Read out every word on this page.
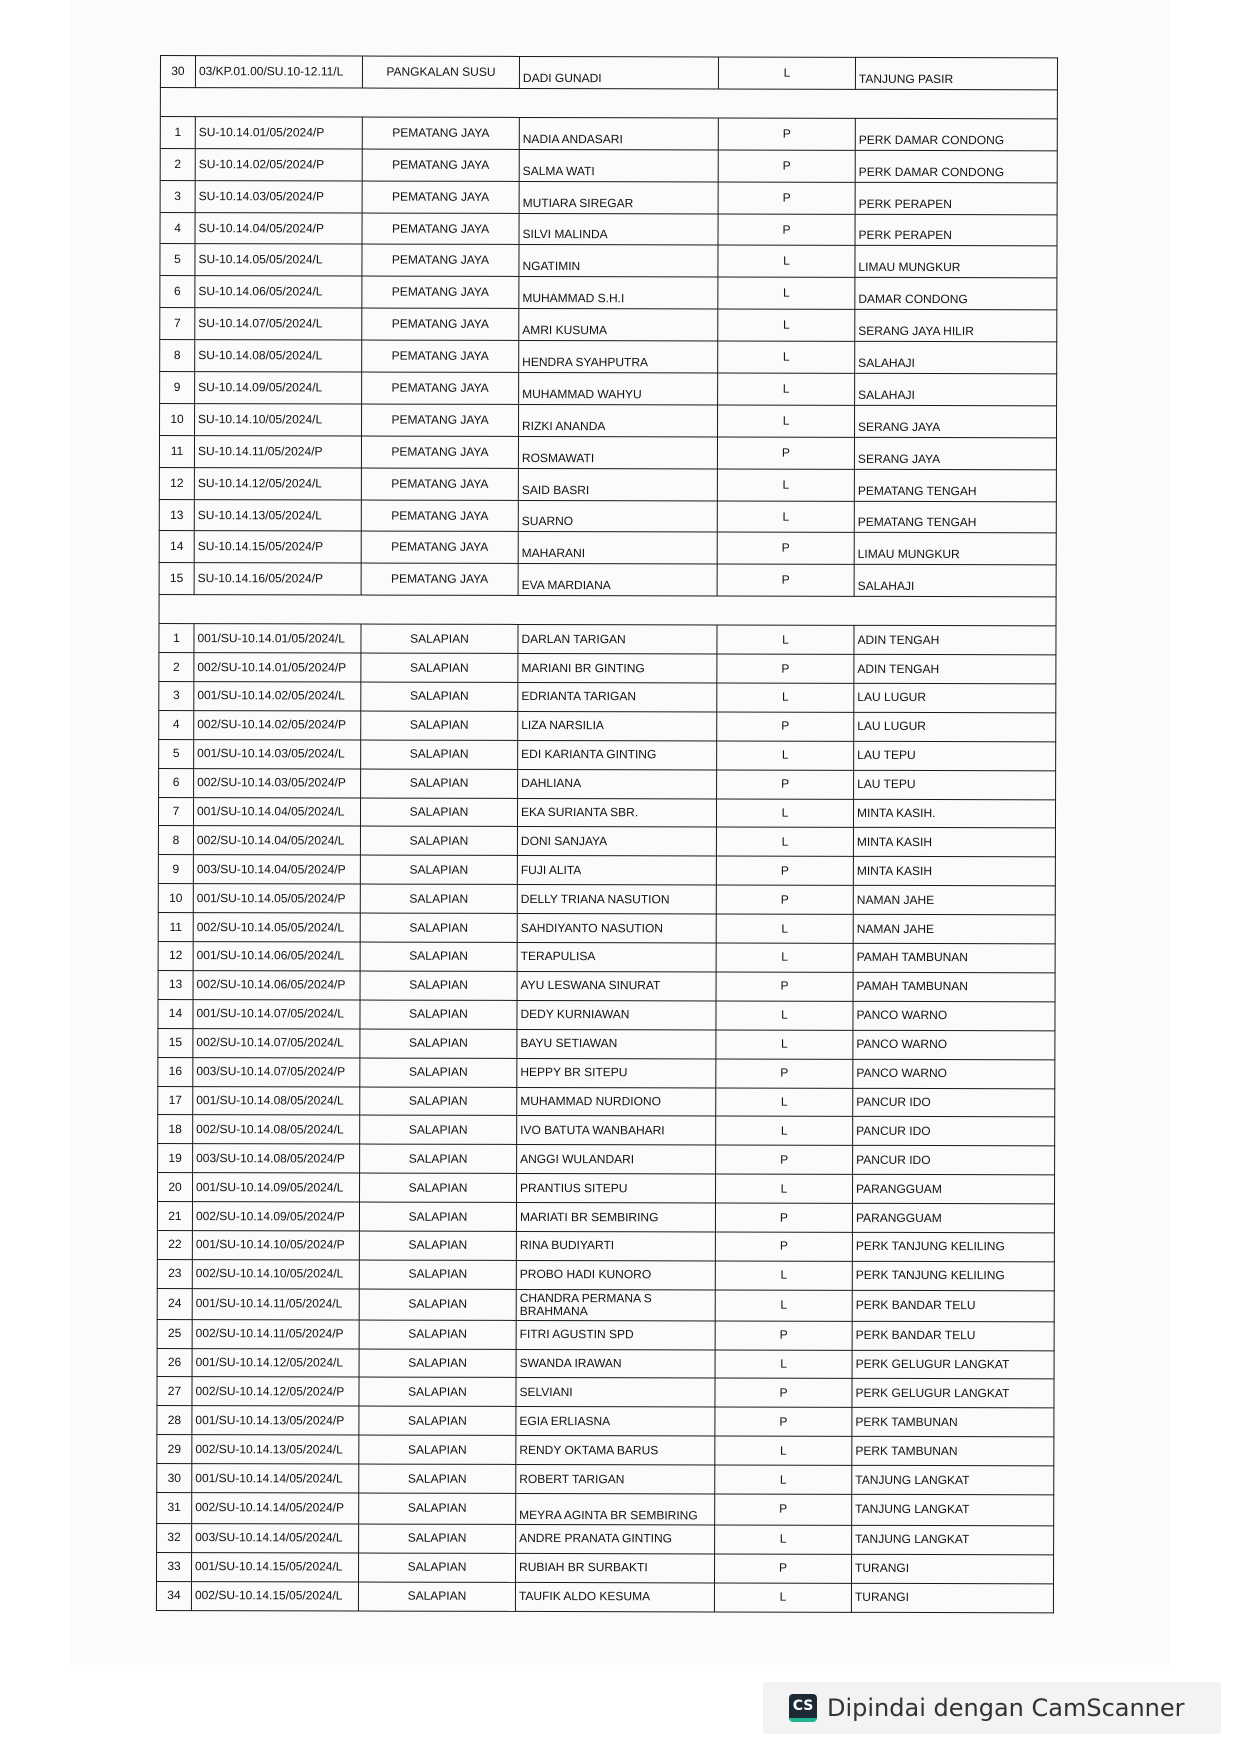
30	03/KP.01.00/SU.10-12.11/L	PANGKALAN SUSU	DADI GUNADI	L	TANJUNG PASIR

1	SU-10.14.01/05/2024/P	PEMATANG JAYA	NADIA ANDASARI	P	PERK DAMAR CONDONG
2	SU-10.14.02/05/2024/P	PEMATANG JAYA	SALMA WATI	P	PERK DAMAR CONDONG
3	SU-10.14.03/05/2024/P	PEMATANG JAYA	MUTIARA SIREGAR	P	PERK PERAPEN
4	SU-10.14.04/05/2024/P	PEMATANG JAYA	SILVI MALINDA	P	PERK PERAPEN
5	SU-10.14.05/05/2024/L	PEMATANG JAYA	NGATIMIN	L	LIMAU MUNGKUR
6	SU-10.14.06/05/2024/L	PEMATANG JAYA	MUHAMMAD S.H.I	L	DAMAR CONDONG
7	SU-10.14.07/05/2024/L	PEMATANG JAYA	AMRI KUSUMA	L	SERANG JAYA HILIR
8	SU-10.14.08/05/2024/L	PEMATANG JAYA	HENDRA SYAHPUTRA	L	SALAHAJI
9	SU-10.14.09/05/2024/L	PEMATANG JAYA	MUHAMMAD WAHYU	L	SALAHAJI
10	SU-10.14.10/05/2024/L	PEMATANG JAYA	RIZKI ANANDA	L	SERANG JAYA
11	SU-10.14.11/05/2024/P	PEMATANG JAYA	ROSMAWATI	P	SERANG JAYA
12	SU-10.14.12/05/2024/L	PEMATANG JAYA	SAID BASRI	L	PEMATANG TENGAH
13	SU-10.14.13/05/2024/L	PEMATANG JAYA	SUARNO	L	PEMATANG TENGAH
14	SU-10.14.15/05/2024/P	PEMATANG JAYA	MAHARANI	P	LIMAU MUNGKUR
15	SU-10.14.16/05/2024/P	PEMATANG JAYA	EVA MARDIANA	P	SALAHAJI

1	001/SU-10.14.01/05/2024/L	SALAPIAN	DARLAN TARIGAN	L	ADIN TENGAH
2	002/SU-10.14.01/05/2024/P	SALAPIAN	MARIANI BR GINTING	P	ADIN TENGAH
3	001/SU-10.14.02/05/2024/L	SALAPIAN	EDRIANTA TARIGAN	L	LAU LUGUR
4	002/SU-10.14.02/05/2024/P	SALAPIAN	LIZA NARSILIA	P	LAU LUGUR
5	001/SU-10.14.03/05/2024/L	SALAPIAN	EDI KARIANTA GINTING	L	LAU TEPU
6	002/SU-10.14.03/05/2024/P	SALAPIAN	DAHLIANA	P	LAU TEPU
7	001/SU-10.14.04/05/2024/L	SALAPIAN	EKA SURIANTA SBR.	L	MINTA KASIH.
8	002/SU-10.14.04/05/2024/L	SALAPIAN	DONI SANJAYA	L	MINTA KASIH
9	003/SU-10.14.04/05/2024/P	SALAPIAN	FUJI ALITA	P	MINTA KASIH
10	001/SU-10.14.05/05/2024/P	SALAPIAN	DELLY TRIANA NASUTION	P	NAMAN JAHE
11	002/SU-10.14.05/05/2024/L	SALAPIAN	SAHDIYANTO NASUTION	L	NAMAN JAHE
12	001/SU-10.14.06/05/2024/L	SALAPIAN	TERAPULISA	L	PAMAH TAMBUNAN
13	002/SU-10.14.06/05/2024/P	SALAPIAN	AYU LESWANA SINURAT	P	PAMAH TAMBUNAN
14	001/SU-10.14.07/05/2024/L	SALAPIAN	DEDY KURNIAWAN	L	PANCO WARNO
15	002/SU-10.14.07/05/2024/L	SALAPIAN	BAYU SETIAWAN	L	PANCO WARNO
16	003/SU-10.14.07/05/2024/P	SALAPIAN	HEPPY BR SITEPU	P	PANCO WARNO
17	001/SU-10.14.08/05/2024/L	SALAPIAN	MUHAMMAD NURDIONO	L	PANCUR IDO
18	002/SU-10.14.08/05/2024/L	SALAPIAN	IVO BATUTA WANBAHARI	L	PANCUR IDO
19	003/SU-10.14.08/05/2024/P	SALAPIAN	ANGGI WULANDARI	P	PANCUR IDO
20	001/SU-10.14.09/05/2024/L	SALAPIAN	PRANTIUS SITEPU	L	PARANGGUAM
21	002/SU-10.14.09/05/2024/P	SALAPIAN	MARIATI BR SEMBIRING	P	PARANGGUAM
22	001/SU-10.14.10/05/2024/P	SALAPIAN	RINA BUDIYARTI	P	PERK TANJUNG KELILING
23	002/SU-10.14.10/05/2024/L	SALAPIAN	PROBO HADI KUNORO	L	PERK TANJUNG KELILING
24	001/SU-10.14.11/05/2024/L	SALAPIAN	CHANDRA PERMANA S BRAHMANA	L	PERK BANDAR TELU
25	002/SU-10.14.11/05/2024/P	SALAPIAN	FITRI AGUSTIN SPD	P	PERK BANDAR TELU
26	001/SU-10.14.12/05/2024/L	SALAPIAN	SWANDA IRAWAN	L	PERK GELUGUR LANGKAT
27	002/SU-10.14.12/05/2024/P	SALAPIAN	SELVIANI	P	PERK GELUGUR LANGKAT
28	001/SU-10.14.13/05/2024/P	SALAPIAN	EGIA ERLIASNA	P	PERK TAMBUNAN
29	002/SU-10.14.13/05/2024/L	SALAPIAN	RENDY OKTAMA BARUS	L	PERK TAMBUNAN
30	001/SU-10.14.14/05/2024/L	SALAPIAN	ROBERT TARIGAN	L	TANJUNG LANGKAT
31	002/SU-10.14.14/05/2024/P	SALAPIAN	MEYRA AGINTA BR SEMBIRING	P	TANJUNG LANGKAT
32	003/SU-10.14.14/05/2024/L	SALAPIAN	ANDRE PRANATA GINTING	L	TANJUNG LANGKAT
33	001/SU-10.14.15/05/2024/L	SALAPIAN	RUBIAH BR SURBAKTI	P	TURANGI
34	002/SU-10.14.15/05/2024/L	SALAPIAN	TAUFIK ALDO KESUMA	L	TURANGI
CS Dipindai dengan CamScanner
